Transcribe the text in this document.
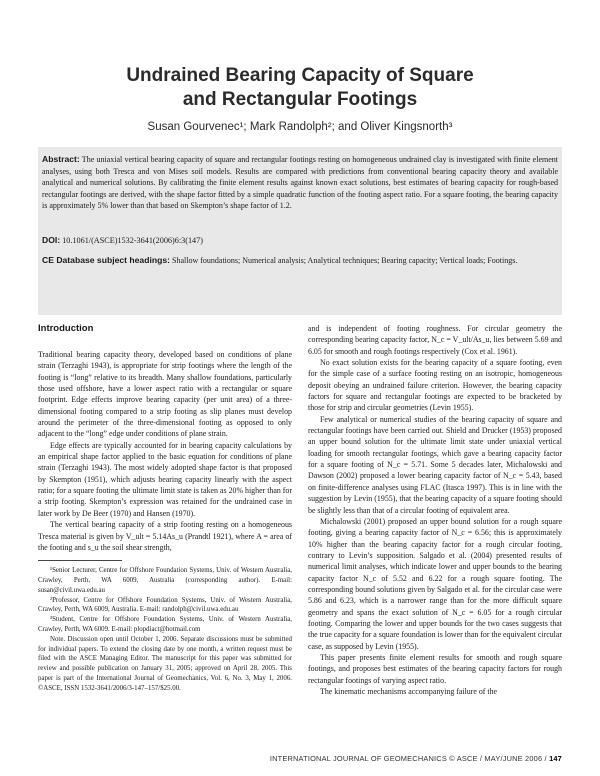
Undrained Bearing Capacity of Square
and Rectangular Footings
Susan Gourvenec¹; Mark Randolph²; and Oliver Kingsnorth³

Abstract: The uniaxial vertical bearing capacity of square and rectangular footings resting on homogeneous undrained clay is investigated with finite element analyses, using both Tresca and von Mises soil models. Results are compared with predictions from conventional bearing capacity theory and available analytical and numerical solutions. By calibrating the finite element results against known exact solutions, best estimates of bearing capacity for rough-based rectangular footings are derived, with the shape factor fitted by a simple quadratic function of the footing aspect ratio. For a square footing, the bearing capacity is approximately 5% lower than that based on Skempton’s shape factor of 1.2.

DOI: 10.1061/(ASCE)1532-3641(2006)6:3(147)

CE Database subject headings: Shallow foundations; Numerical analysis; Analytical techniques; Bearing capacity; Vertical loads; Footings.

Introduction

Traditional bearing capacity theory, developed based on conditions of plane strain (Terzaghi 1943), is appropriate for strip footings where the length of the footing is “long” relative to its breadth. Many shallow foundations, particularly those used offshore, have a lower aspect ratio with a rectangular or square footprint. Edge effects improve bearing capacity (per unit area) of a three-dimensional footing compared to a strip footing as slip planes must develop around the perimeter of the three-dimensional footing as opposed to only adjacent to the “long” edge under conditions of plane strain.

Edge effects are typically accounted for in bearing capacity calculations by an empirical shape factor applied to the basic equation for conditions of plane strain (Terzaghi 1943). The most widely adopted shape factor is that proposed by Skempton (1951), which adjusts bearing capacity linearly with the aspect ratio; for a square footing the ultimate limit state is taken as 20% higher than for a strip footing. Skempton’s expression was retained for the undrained case in later work by De Beer (1970) and Hansen (1970).

The vertical bearing capacity of a strip footing resting on a homogeneous Tresca material is given by V_ult = 5.14As_u (Prandtl 1921), where A = area of the footing and s_u the soil shear strength,

¹Senior Lecturer, Centre for Offshore Foundation Systems, Univ. of Western Australia, Crawley, Perth, WA 6009, Australia (corresponding author). E-mail: susan@civil.uwa.edu.au

²Professor, Centre for Offshore Foundation Systems, Univ. of Western Australia, Crawley, Perth, WA 6009, Australia. E-mail: randolph@civil.uwa.edu.au

³Student, Centre for Offshore Foundation Systems, Univ. of Western Australia, Crawley, Perth, WA 6009. E-mail: plopdiact@hotmail.com

Note. Discussion open until October 1, 2006. Separate discussions must be submitted for individual papers. To extend the closing date by one month, a written request must be filed with the ASCE Managing Editor. The manuscript for this paper was submitted for review and possible publication on January 31, 2005; approved on April 28, 2005. This paper is part of the International Journal of Geomechanics, Vol. 6, No. 3, May 1, 2006. ©ASCE, ISSN 1532-3641/2006/3-147–157/$25.00.

and is independent of footing roughness. For circular geometry the corresponding bearing capacity factor, N_c = V_ult/As_u, lies between 5.69 and 6.05 for smooth and rough footings respectively (Cox et al. 1961).

No exact solution exists for the bearing capacity of a square footing, even for the simple case of a surface footing resting on an isotropic, homogeneous deposit obeying an undrained failure criterion. However, the bearing capacity factors for square and rectangular footings are expected to be bracketed by those for strip and circular geometries (Levin 1955).

Few analytical or numerical studies of the bearing capacity of square and rectangular footings have been carried out. Shield and Drucker (1953) proposed an upper bound solution for the ultimate limit state under uniaxial vertical loading for smooth rectangular footings, which gave a bearing capacity factor for a square footing of N_c = 5.71. Some 5 decades later, Michalowski and Dawson (2002) proposed a lower bearing capacity factor of N_c = 5.43, based on finite-difference analyses using FLAC (Itasca 1997). This is in line with the suggestion by Levin (1955), that the bearing capacity of a square footing should be slightly less than that of a circular footing of equivalent area.

Michalowski (2001) proposed an upper bound solution for a rough square footing, giving a bearing capacity factor of N_c = 6.56; this is approximately 10% higher than the bearing capacity factor for a rough circular footing, contrary to Levin’s supposition. Salgado et al. (2004) presented results of numerical limit analyses, which indicate lower and upper bounds to the bearing capacity factor N_c of 5.52 and 6.22 for a rough square footing. The corresponding bound solutions given by Salgado et al. for the circular case were 5.86 and 6.23, which is a narrower range than for the more difficult square geometry and spans the exact solution of N_c = 6.05 for a rough circular footing. Comparing the lower and upper bounds for the two cases suggests that the true capacity for a square foundation is lower than for the equivalent circular case, as supposed by Levin (1955).

This paper presents finite element results for smooth and rough square footings, and proposes best estimates of the bearing capacity factors for rough rectangular footings of varying aspect ratio.

The kinematic mechanisms accompanying failure of the

INTERNATIONAL JOURNAL OF GEOMECHANICS © ASCE / MAY/JUNE 2006 / 147
